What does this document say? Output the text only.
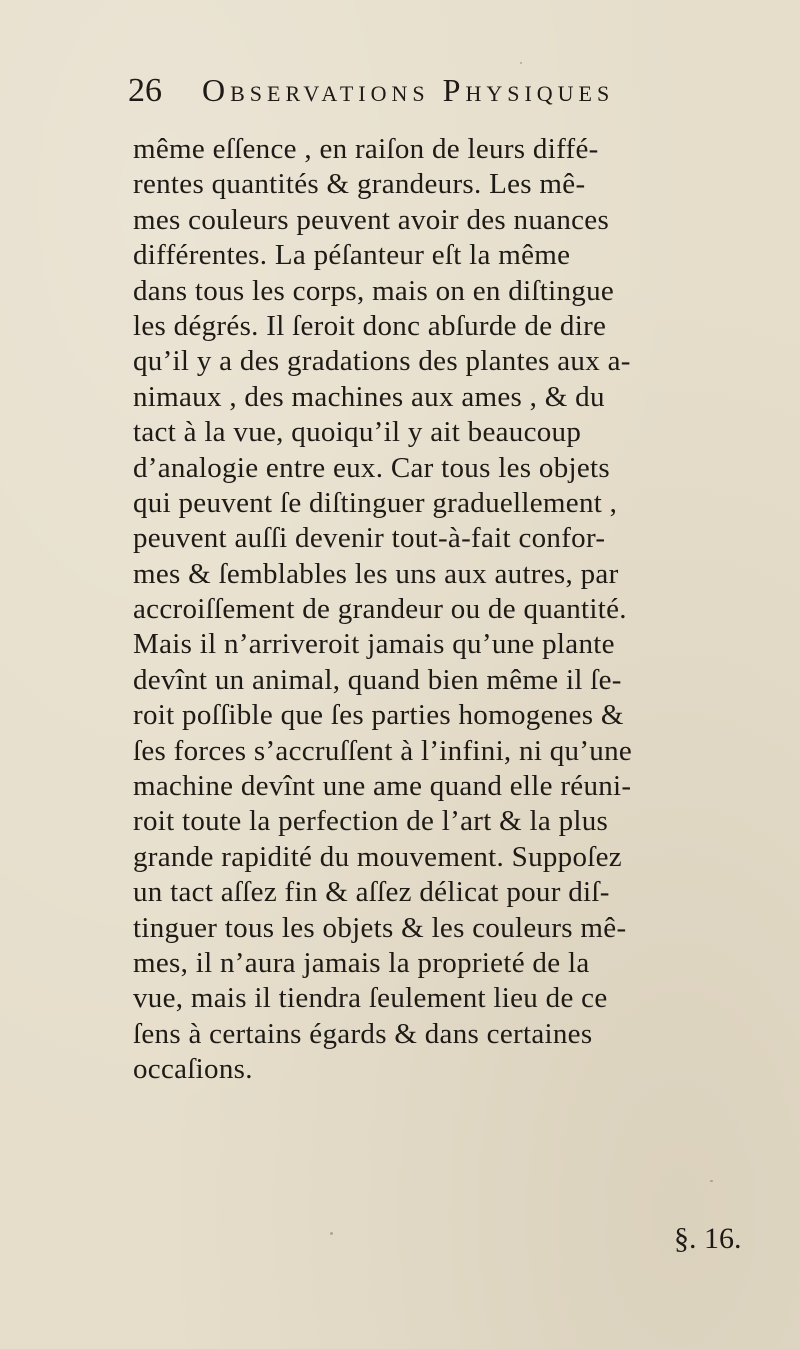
26 Observations Physiques
même eſſence , en raiſon de leurs diffé-
rentes quantités & grandeurs. Les mê-
mes couleurs peuvent avoir des nuances
différentes. La péſanteur eſt la même
dans tous les corps, mais on en diſtingue
les dégrés. Il ſeroit donc abſurde de dire
qu’il y a des gradations des plantes aux a-
nimaux , des machines aux ames , & du
tact à la vue, quoiqu’il y ait beaucoup
d’analogie entre eux. Car tous les objets
qui peuvent ſe diſtinguer graduellement ,
peuvent auſſi devenir tout-à-fait confor-
mes & ſemblables les uns aux autres, par
accroiſſement de grandeur ou de quantité.
Mais il n’arriveroit jamais qu’une plante
devînt un animal, quand bien même il ſe-
roit poſſible que ſes parties homogenes &
ſes forces s’accruſſent à l’infini, ni qu’une
machine devînt une ame quand elle réuni-
roit toute la perfection de l’art & la plus
grande rapidité du mouvement. Suppoſez
un tact aſſez fin & aſſez délicat pour diſ-
tinguer tous les objets & les couleurs mê-
mes, il n’aura jamais la proprieté de la
vue, mais il tiendra ſeulement lieu de ce
ſens à certains égards & dans certaines
occaſions.
§. 16.
